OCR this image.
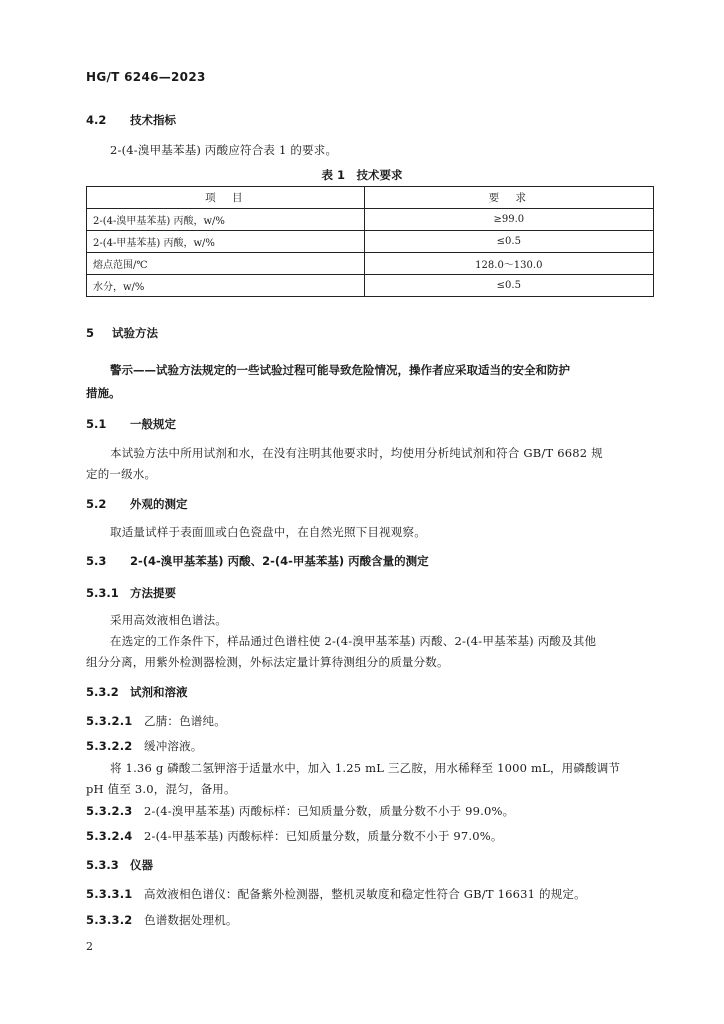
HG/T 6246—2023
4.2 技术指标
2-(4-溴甲基苯基) 丙酸应符合表 1 的要求。
表 1　技术要求
项　目	要　求
2-(4-溴甲基苯基) 丙酸，w/%	≥99.0
2-(4-甲基苯基) 丙酸，w/%	≤0.5
熔点范围/℃	128.0～130.0
水分，w/%	≤0.5
5 试验方法
警示——试验方法规定的一些试验过程可能导致危险情况，操作者应采取适当的安全和防护
措施。
5.1 一般规定
本试验方法中所用试剂和水，在没有注明其他要求时，均使用分析纯试剂和符合 GB/T 6682 规
定的一级水。
5.2 外观的测定
取适量试样于表面皿或白色瓷盘中，在自然光照下目视观察。
5.3 2-(4-溴甲基苯基) 丙酸、2-(4-甲基苯基) 丙酸含量的测定
5.3.1 方法提要
采用高效液相色谱法。
在选定的工作条件下，样品通过色谱柱使 2-(4-溴甲基苯基) 丙酸、2-(4-甲基苯基) 丙酸及其他
组分分离，用紫外检测器检测，外标法定量计算待测组分的质量分数。
5.3.2 试剂和溶液
5.3.2.1 乙腈：色谱纯。
5.3.2.2 缓冲溶液。
将 1.36 g 磷酸二氢钾溶于适量水中，加入 1.25 mL 三乙胺，用水稀释至 1000 mL，用磷酸调节
pH 值至 3.0，混匀，备用。
5.3.2.3 2-(4-溴甲基苯基) 丙酸标样：已知质量分数，质量分数不小于 99.0%。
5.3.2.4 2-(4-甲基苯基) 丙酸标样：已知质量分数，质量分数不小于 97.0%。
5.3.3 仪器
5.3.3.1 高效液相色谱仪：配备紫外检测器，整机灵敏度和稳定性符合 GB/T 16631 的规定。
5.3.3.2 色谱数据处理机。
2
